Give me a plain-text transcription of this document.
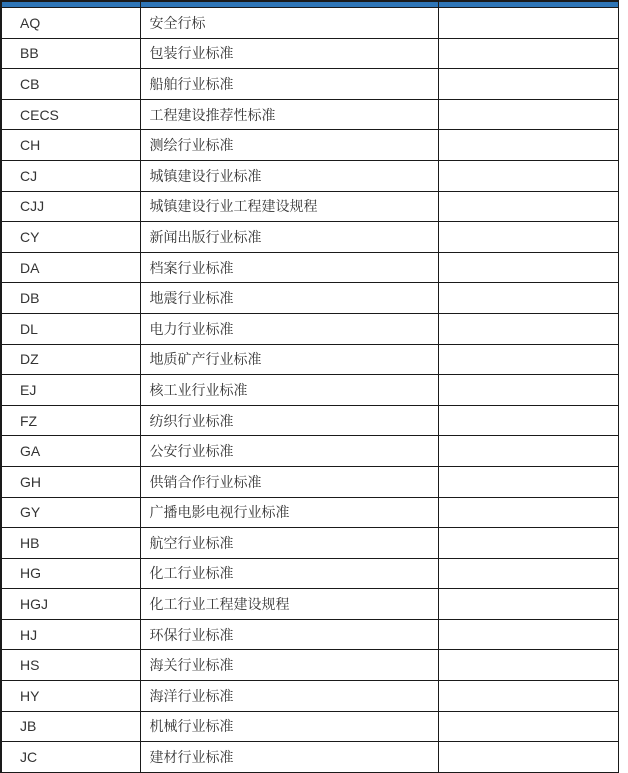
AQ	安全行标	
BB	包装行业标准	
CB	船舶行业标准	
CECS	工程建设推荐性标准	
CH	测绘行业标准	
CJ	城镇建设行业标准	
CJJ	城镇建设行业工程建设规程	
CY	新闻出版行业标准	
DA	档案行业标准	
DB	地震行业标准	
DL	电力行业标准	
DZ	地质矿产行业标准	
EJ	核工业行业标准	
FZ	纺织行业标准	
GA	公安行业标准	
GH	供销合作行业标准	
GY	广播电影电视行业标准	
HB	航空行业标准	
HG	化工行业标准	
HGJ	化工行业工程建设规程	
HJ	环保行业标准	
HS	海关行业标准	
HY	海洋行业标准	
JB	机械行业标准	
JC	建材行业标准	
